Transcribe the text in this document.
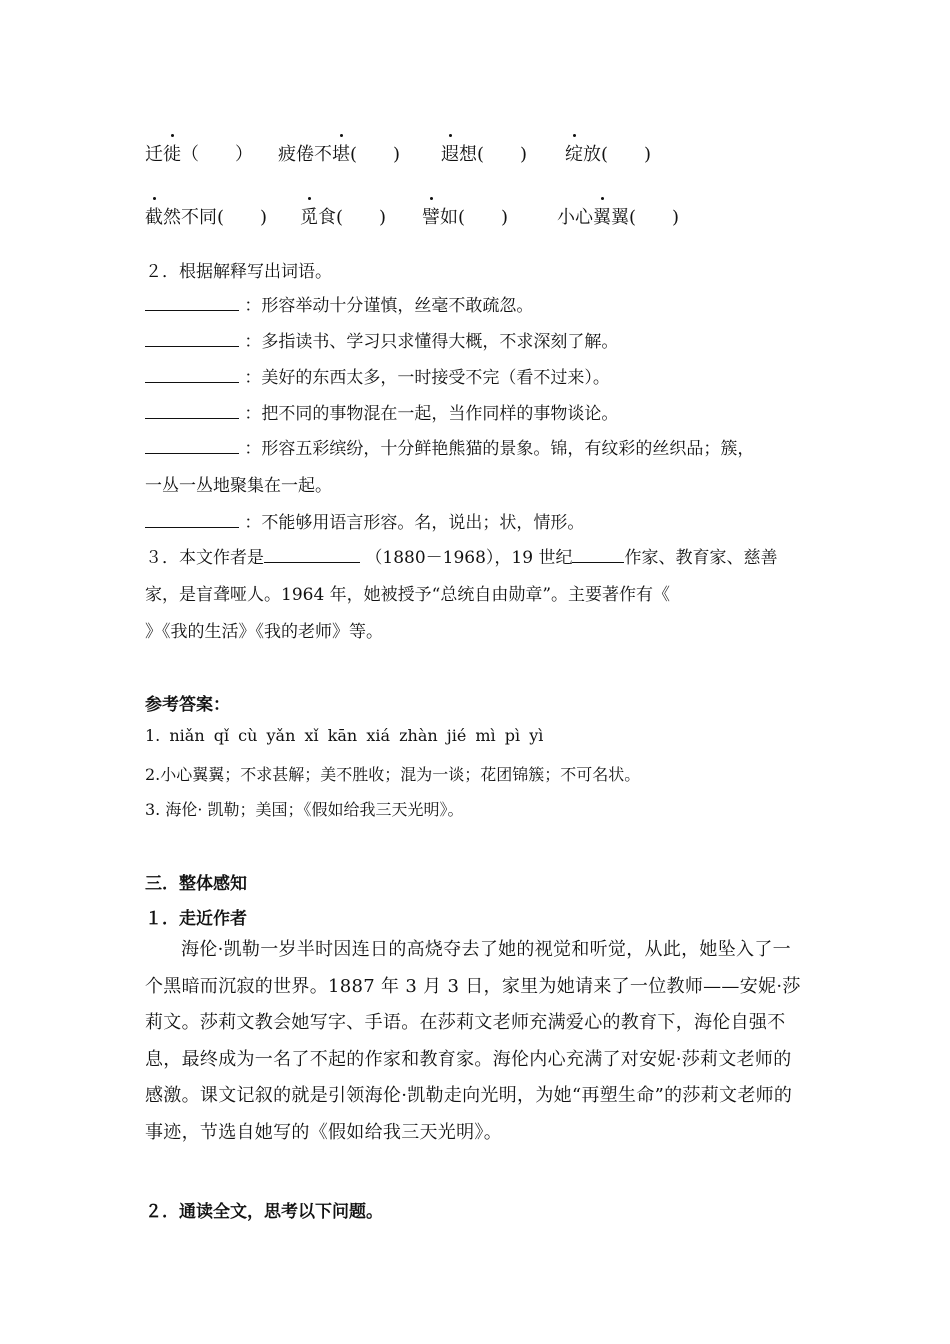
迁徙（　　） 疲倦不堪(　　) 遐想(　　) 绽放(　　)
截然不同(　　) 觅食(　　) 譬如(　　)	小心翼翼(　　)
２．根据解释写出词语。
：形容举动十分谨慎，丝毫不敢疏忽。
：多指读书、学习只求懂得大概，不求深刻了解。
：美好的东西太多，一时接受不完（看不过来）。
：把不同的事物混在一起，当作同样的事物谈论。
：形容五彩缤纷，十分鲜艳熊猫的景象。锦，有纹彩的丝织品；簇，
一丛一丛地聚集在一起。
：不能够用语言形容。名，说出；状，情形。
３．本文作者是	（1880－1968），19 世纪	作家、教育家、慈善
家，是盲聋哑人。1964 年，她被授予“总统自由勋章”。主要著作有《
》《我的生活》《我的老师》等。
参考答案：
1. niǎn qǐ cù yǎn xǐ kān xiá zhàn jié mì pì yì
2.小心翼翼；不求甚解；美不胜收；混为一谈；花团锦簇；不可名状。
3. 海伦· 凯勒；美国；《假如给我三天光明》。
三．整体感知
１．走近作者
海伦·凯勒一岁半时因连日的高烧夺去了她的视觉和听觉，从此，她坠入了一个黑暗而沉寂的世界。1887 年 3 月 3 日，家里为她请来了一位教师——安妮·莎莉文。莎莉文教会她写字、手语。在莎莉文老师充满爱心的教育下，海伦自强不息，最终成为一名了不起的作家和教育家。海伦内心充满了对安妮·莎莉文老师的感激。课文记叙的就是引领海伦·凯勒走向光明，为她“再塑生命”的莎莉文老师的事迹，节选自她写的《假如给我三天光明》。
２．通读全文，思考以下问题。
